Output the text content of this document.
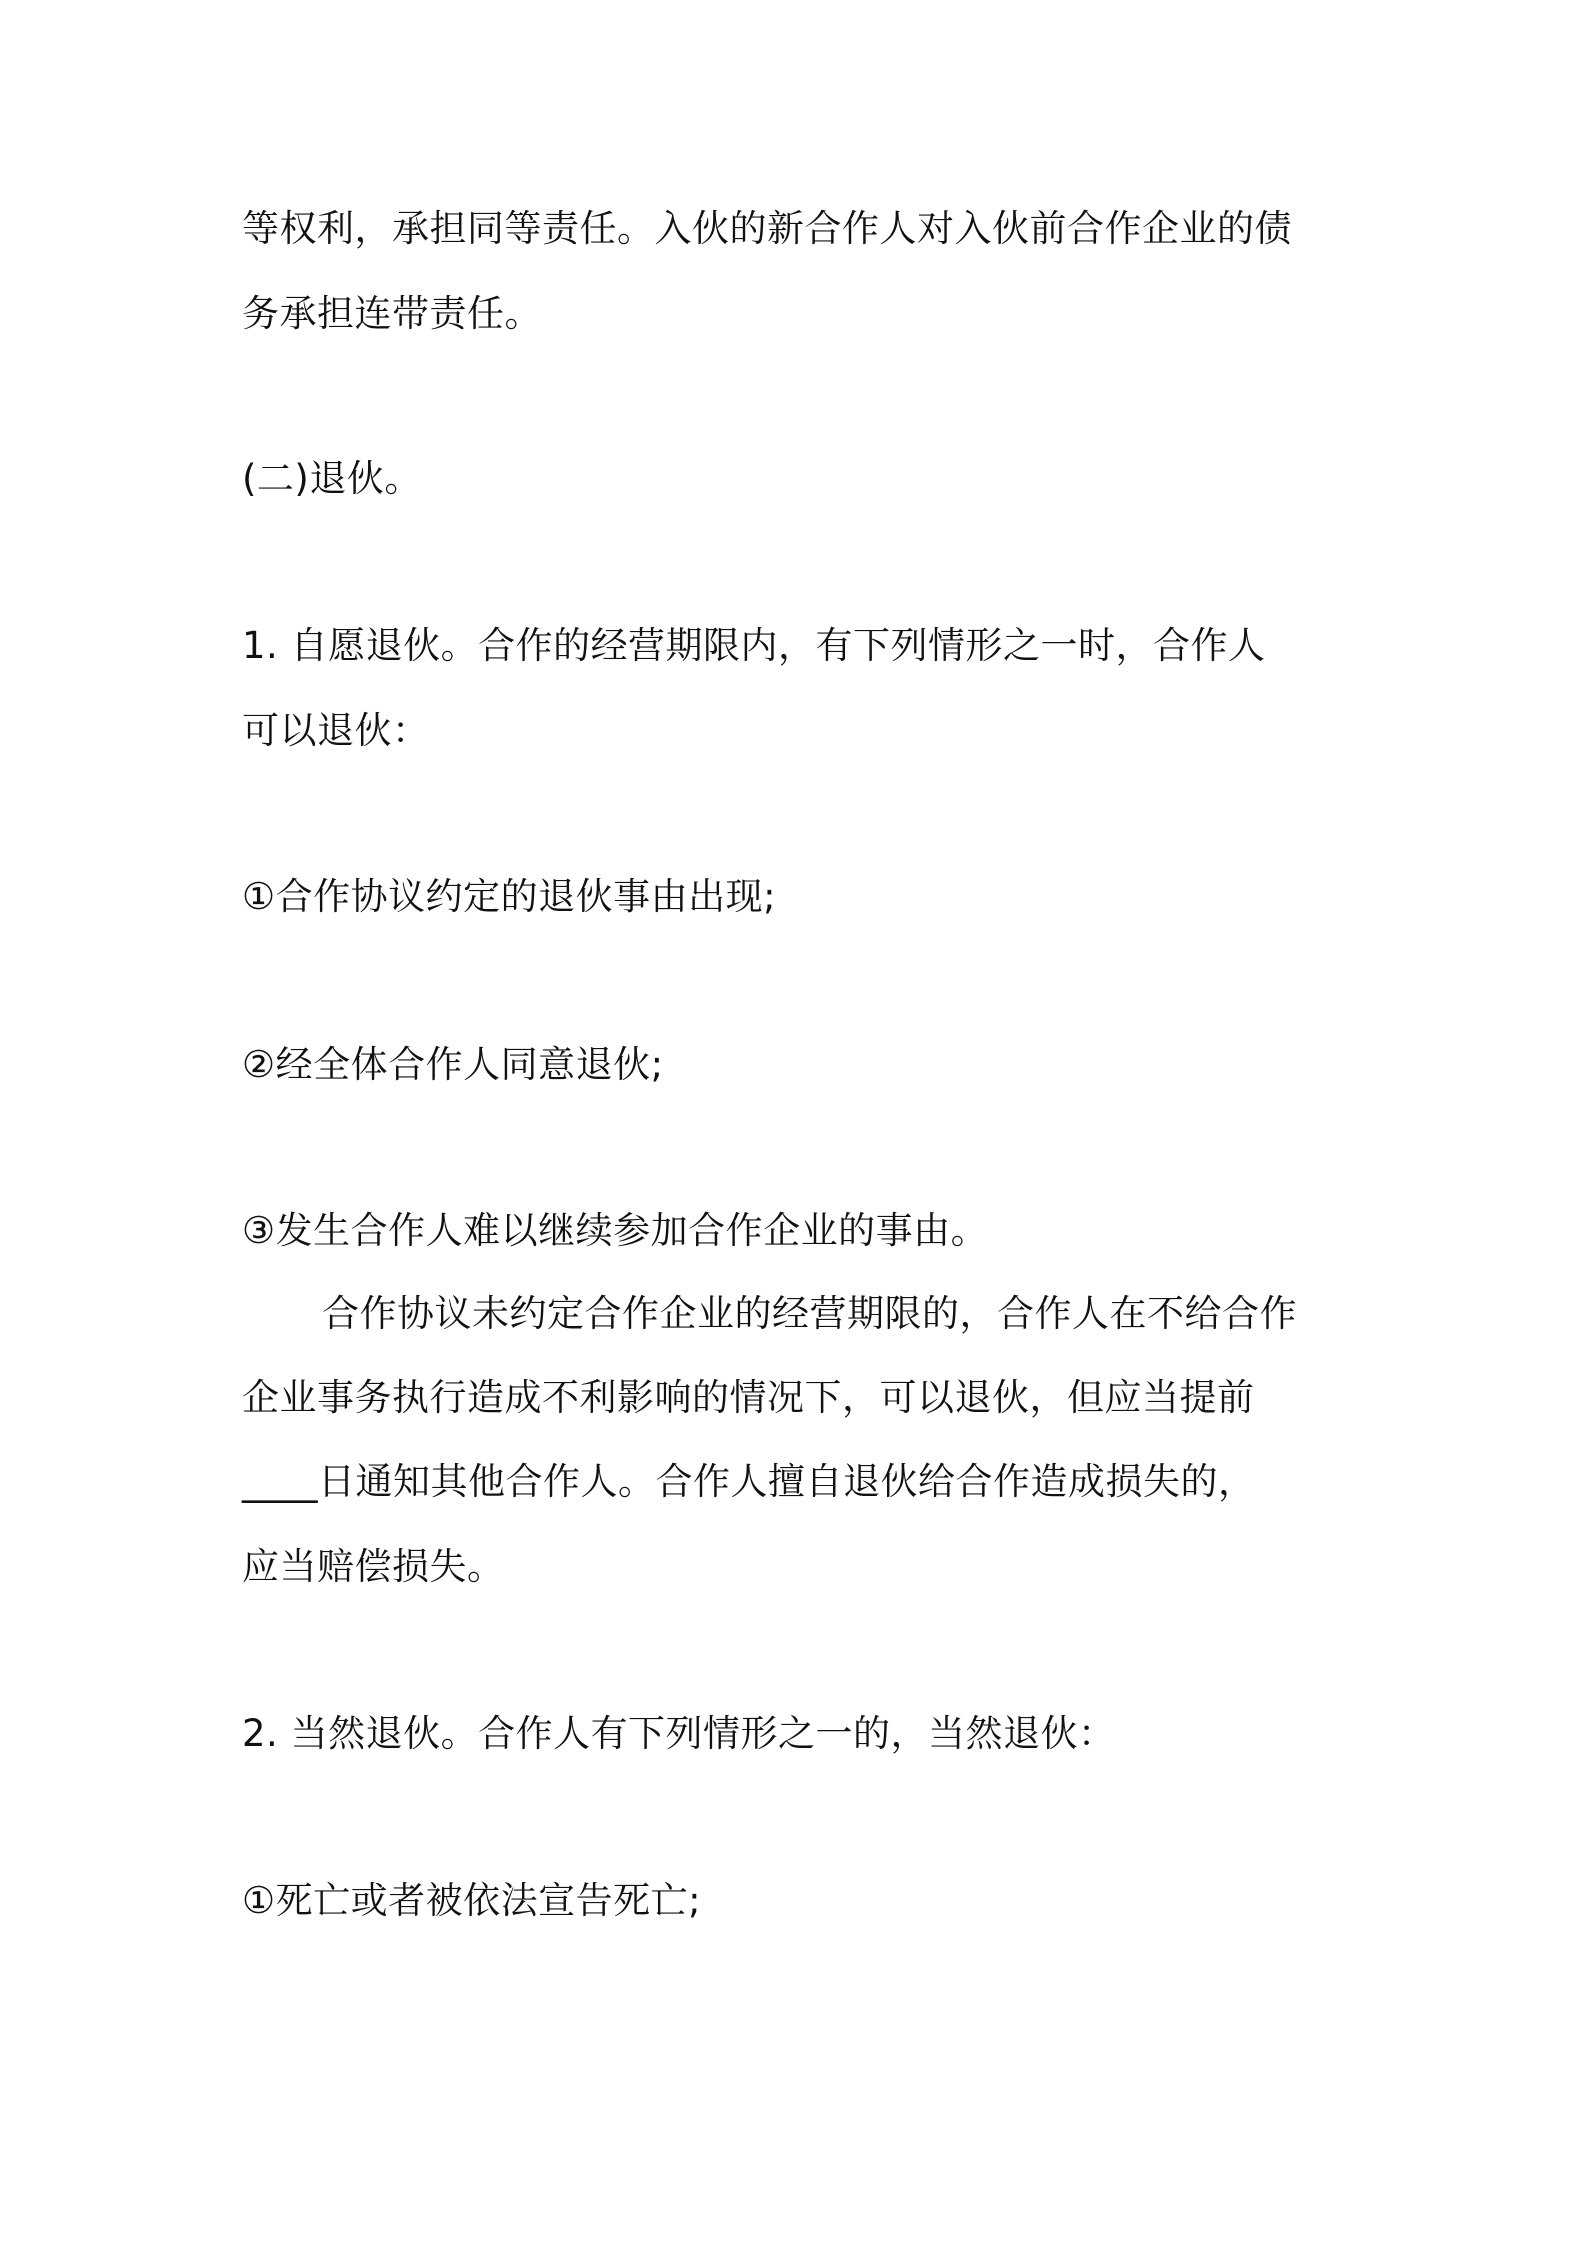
等权利，承担同等责任。入伙的新合作人对入伙前合作企业的债
务承担连带责任。
(二)退伙。
1. 自愿退伙。合作的经营期限内，有下列情形之一时，合作人
可以退伙：
①合作协议约定的退伙事由出现;
②经全体合作人同意退伙;
③发生合作人难以继续参加合作企业的事由。
合作协议未约定合作企业的经营期限的，合作人在不给合作
企业事务执行造成不利影响的情况下，可以退伙，但应当提前
____日通知其他合作人。合作人擅自退伙给合作造成损失的，
应当赔偿损失。
2. 当然退伙。合作人有下列情形之一的，当然退伙：
①死亡或者被依法宣告死亡;
